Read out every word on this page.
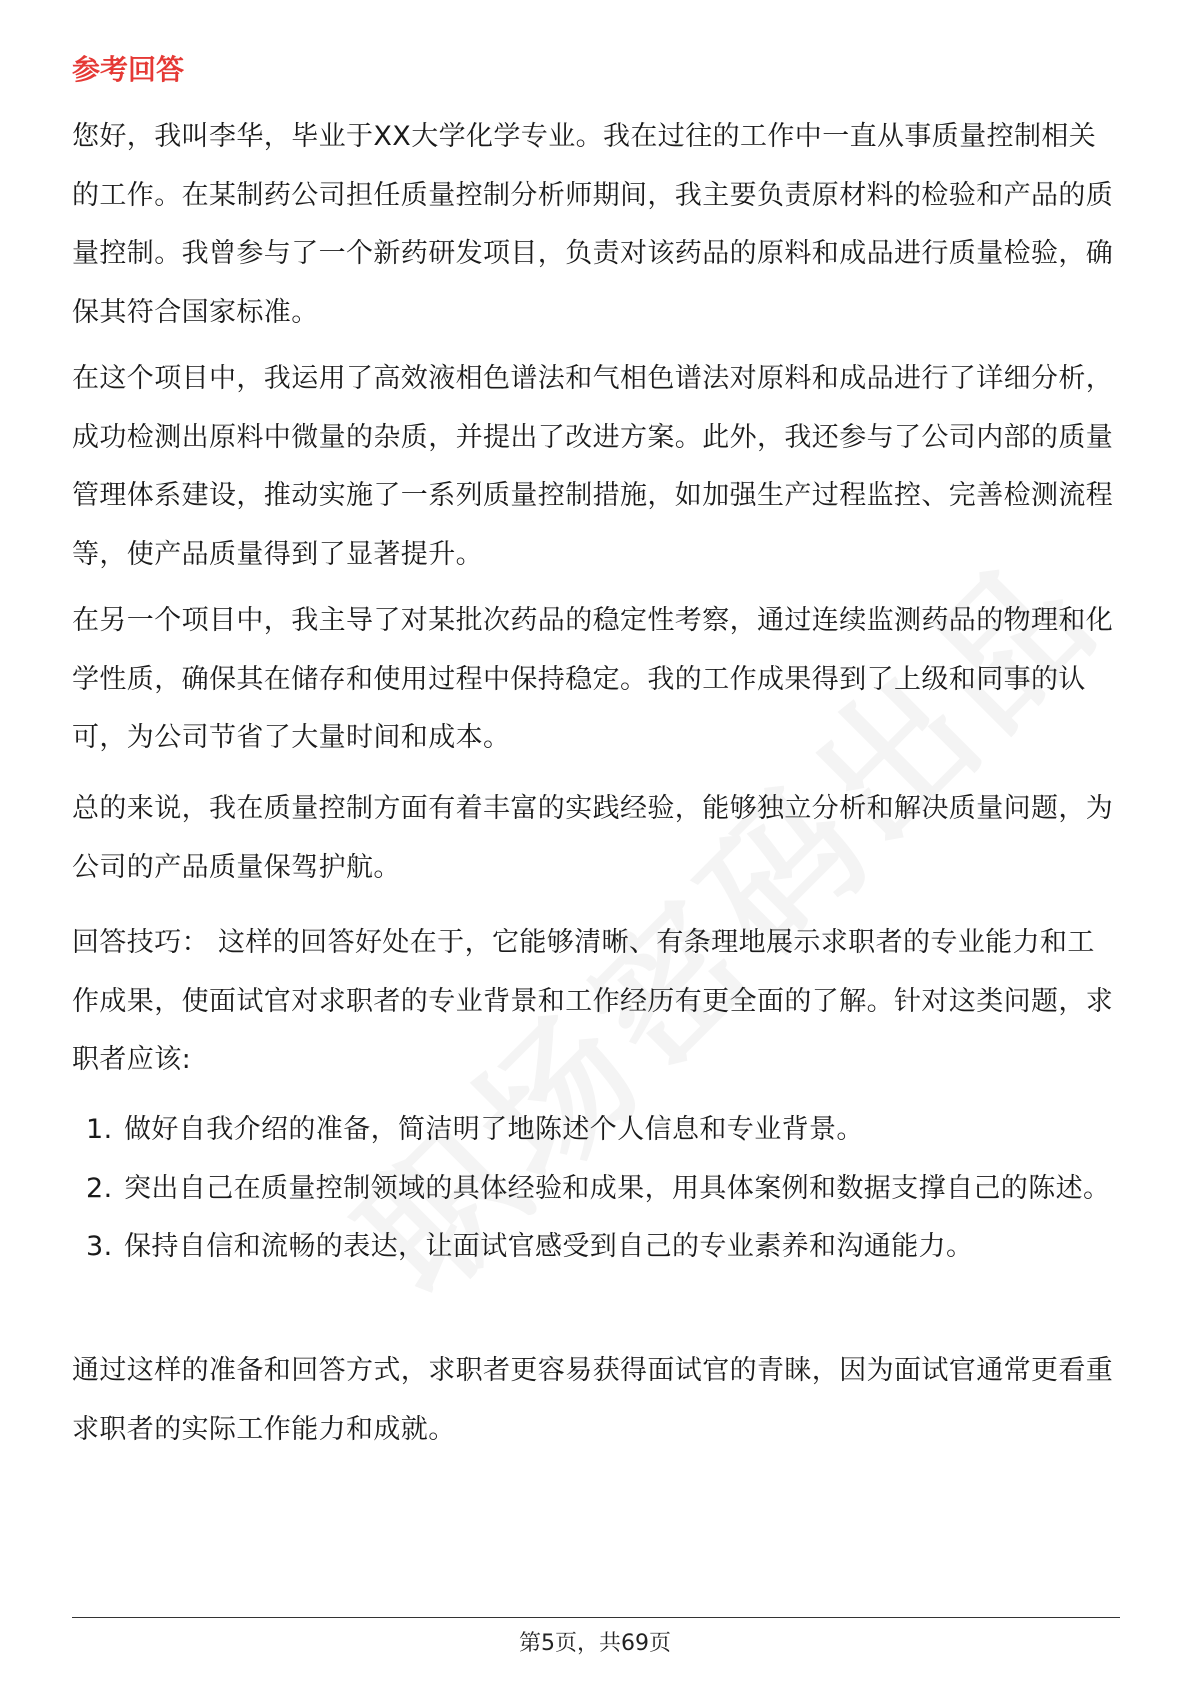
参考回答

您好，我叫李华，毕业于XX大学化学专业。我在过往的工作中一直从事质量控制相关的工作。在某制药公司担任质量控制分析师期间，我主要负责原材料的检验和产品的质量控制。我曾参与了一个新药研发项目，负责对该药品的原料和成品进行质量检验，确保其符合国家标准。

在这个项目中，我运用了高效液相色谱法和气相色谱法对原料和成品进行了详细分析，成功检测出原料中微量的杂质，并提出了改进方案。此外，我还参与了公司内部的质量管理体系建设，推动实施了一系列质量控制措施，如加强生产过程监控、完善检测流程等，使产品质量得到了显著提升。

在另一个项目中，我主导了对某批次药品的稳定性考察，通过连续监测药品的物理和化学性质，确保其在储存和使用过程中保持稳定。我的工作成果得到了上级和同事的认可，为公司节省了大量时间和成本。

总的来说，我在质量控制方面有着丰富的实践经验，能够独立分析和解决质量问题，为公司的产品质量保驾护航。

回答技巧： 这样的回答好处在于，它能够清晰、有条理地展示求职者的专业能力和工作成果，使面试官对求职者的专业背景和工作经历有更全面的了解。针对这类问题，求职者应该:

1. 做好自我介绍的准备，简洁明了地陈述个人信息和专业背景。
2. 突出自己在质量控制领域的具体经验和成果，用具体案例和数据支撑自己的陈述。
3. 保持自信和流畅的表达，让面试官感受到自己的专业素养和沟通能力。

通过这样的准备和回答方式，求职者更容易获得面试官的青睐，因为面试官通常更看重求职者的实际工作能力和成就。

第5页，共69页
